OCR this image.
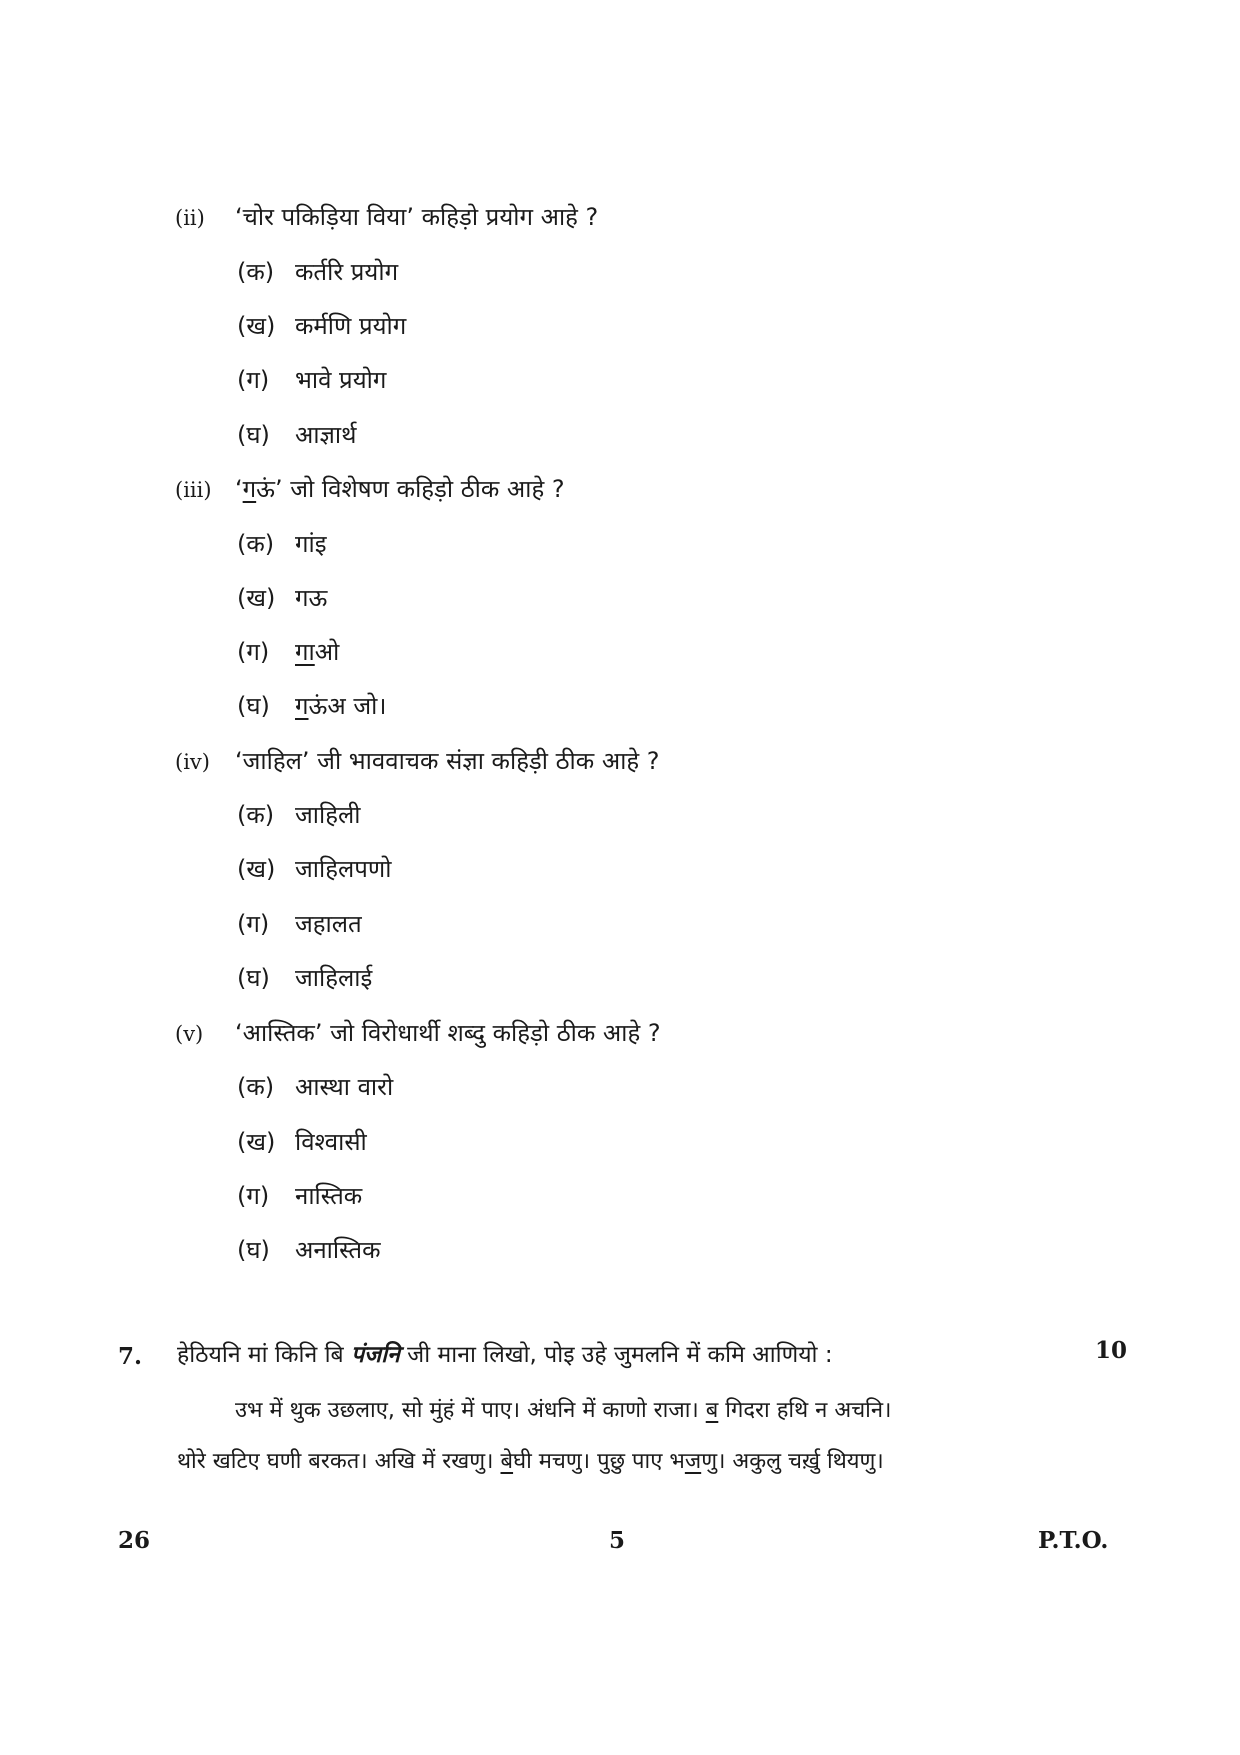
(ii)	‘चोर पकिड़िया विया’ कहिड़ो प्रयोग आहे ?
(क) कर्तरि प्रयोग
(ख) कर्मणि प्रयोग
(ग)	भावे प्रयोग
(घ)	आज्ञार्थ
(iii) ‘गऊं’ जो विशेषण कहिड़ो ठीक आहे ?
(क) गांइ
(ख) गऊ
(ग)	गाओ
(घ)	गऊंअ जो।
(iv)	‘जाहिल’ जी भाववाचक संज्ञा कहिड़ी ठीक आहे ?
(क) जाहिली
(ख) जाहिलपणो
(ग)	जहालत
(घ)	जाहिलाई
(v)	‘आस्तिक’ जो विरोधार्थी शब्दु कहिड़ो ठीक आहे ?
(क) आस्था वारो
(ख) विश्वासी
(ग)	नास्तिक
(घ)	अनास्तिक
7. हेठियनि मां किनि बि पंजनि जी माना लिखो, पोइ उहे जुमलनि में कमि आणियो :	10
उभ में थुक उछलाए, सो मुंहं में पाए। अंधनि में काणो राजा। ब गिदरा हथि न अचनि।
थोरे खटिए घणी बरकत। अखि में रखणु। बेघी मचणु। पुछु पाए भजणु। अकुलु चर्ख़ु थियणु।
26	5	P.T.O.
